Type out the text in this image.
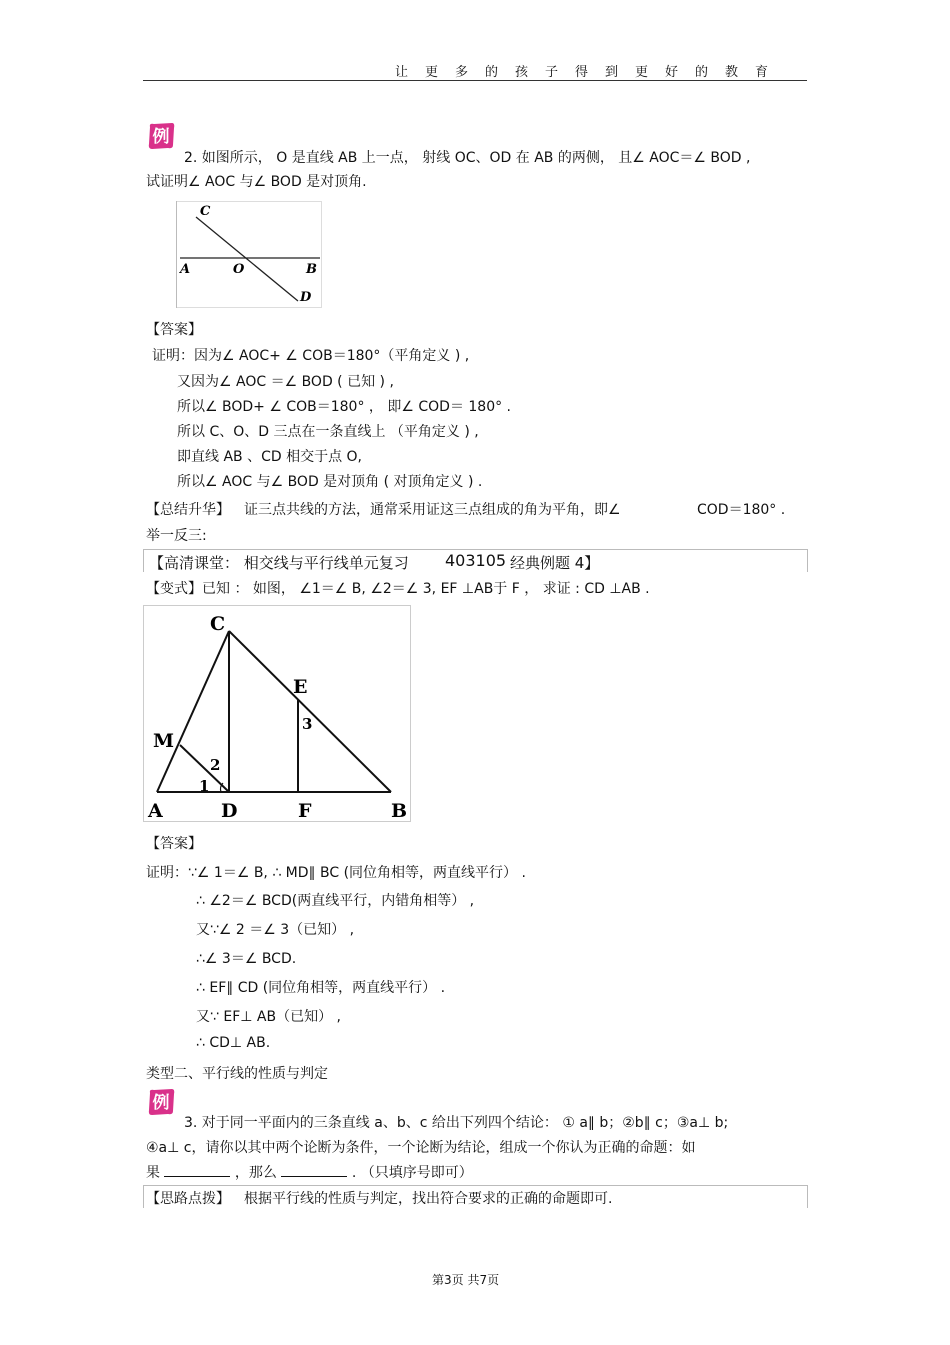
让更多的孩子得到更好的教育
例
2. 如图所示， O 是直线 AB 上一点， 射线 OC、OD 在 AB 的两侧， 且∠ AOC＝∠ BOD ,
试证明∠ AOC 与∠ BOD 是对顶角.
C
A	O	B
D
【答案】
证明：因为∠ AOC+ ∠ COB＝180°（平角定义 ) ,
又因为∠ AOC ＝∠ BOD ( 已知 ) ,
所以∠ BOD+ ∠ COB＝180° ， 即∠ COD＝ 180° .
所以 C、O、D 三点在一条直线上 （平角定义 ) ,
即直线 AB 、CD 相交于点 O,
所以∠ AOC 与∠ BOD 是对顶角 ( 对顶角定义 ) .
【总结升华】 证三点共线的方法，通常采用证这三点组成的角为平角，即∠	COD＝180° .
举一反三:
【高清课堂： 相交线与平行线单元复习 403105 经典例题 4】
【变式】已知 ： 如图， ∠1＝∠ B, ∠2＝∠ 3, EF ⊥AB于 F ， 求证 : CD ⊥AB .
C
E
M
A	D	F	B
1
2
3
【答案】
证明：∵∠ 1＝∠ B, ∴ MD∥ BC (同位角相等，两直线平行） .
∴ ∠2＝∠ BCD(两直线平行，内错角相等） ,
又∵∠ 2 ＝∠ 3（已知） ,
∴∠ 3＝∠ BCD.
∴ EF∥ CD (同位角相等，两直线平行） .
又∵ EF⊥ AB（已知） ,
∴ CD⊥ AB.
类型二、平行线的性质与判定
例
3. 对于同一平面内的三条直线 a、b、c 给出下列四个结论： ① a∥ b；②b∥ c；③a⊥ b;
④a⊥ c，请你以其中两个论断为条件，一个论断为结论，组成一个你认为正确的命题：如
果	，那么	. （只填序号即可）
【思路点拨】 根据平行线的性质与判定，找出符合要求的正确的命题即可.
第3页 共7页
